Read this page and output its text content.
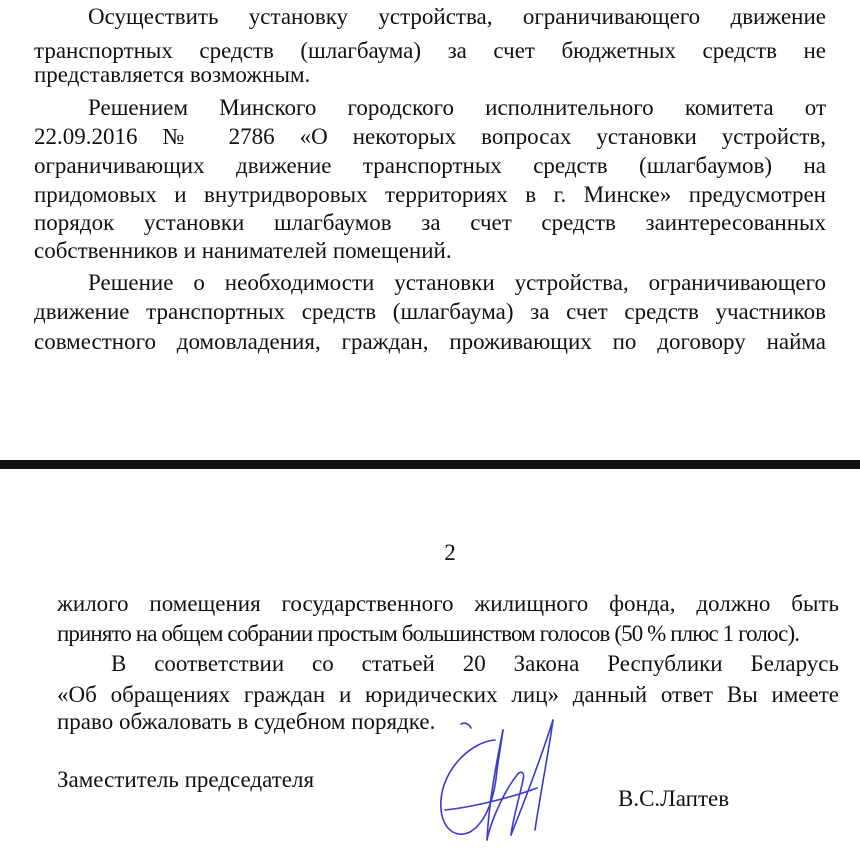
Осуществить установку устройства, ограничивающего движение
транспортных средств (шлагбаума) за счет бюджетных средств не
представляется возможным.
Решением Минского городского исполнительного комитета от
22.09.2016 № 2786 «О некоторых вопросах установки устройств,
ограничивающих движение транспортных средств (шлагбаумов) на
придомовых и внутридворовых территориях в г. Минске» предусмотрен
порядок установки шлагбаумов за счет средств заинтересованных
собственников и нанимателей помещений.
Решение о необходимости установки устройства, ограничивающего
движение транспортных средств (шлагбаума) за счет средств участников
совместного домовладения, граждан, проживающих по договору найма
2
жилого помещения государственного жилищного фонда, должно быть
принято на общем собрании простым большинством голосов (50 % плюс 1 голос).
В соответствии со статьей 20 Закона Республики Беларусь
«Об обращениях граждан и юридических лиц» данный ответ Вы имеете
право обжаловать в судебном порядке.
Заместитель председателя
В.С.Лаптев
